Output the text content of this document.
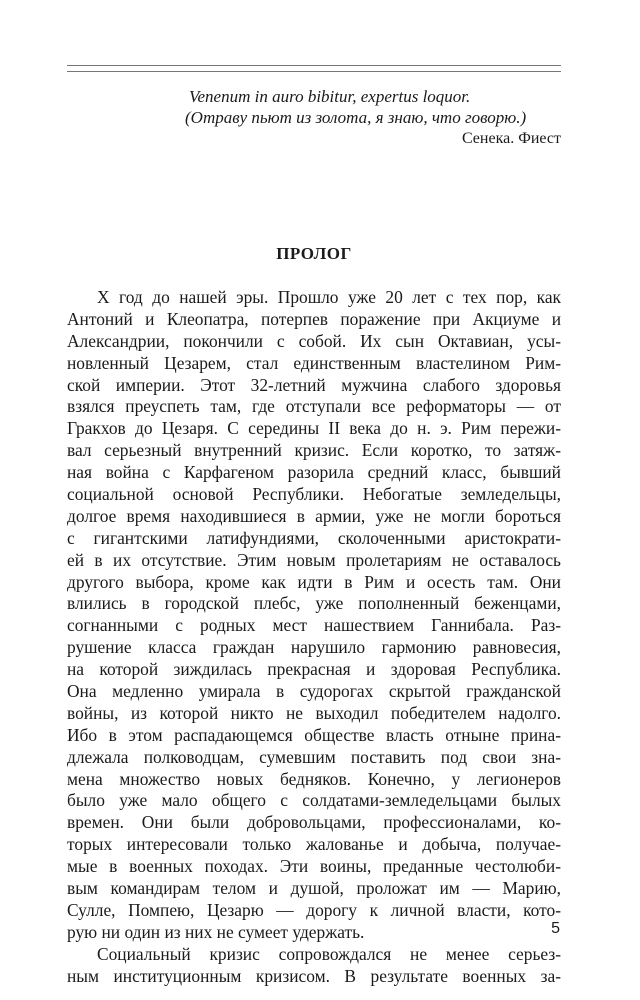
Venenum in auro bibitur, expertus loquor.
(Отраву пьют из золота, я знаю, что говорю.)
Сенека. Фиест
ПРОЛОГ
Х год до нашей эры. Прошло уже 20 лет с тех пор, как
Антоний и Клеопатра, потерпев поражение при Акциуме и
Александрии, покончили с собой. Их сын Октавиан, усы-
новленный Цезарем, стал единственным властелином Рим-
ской империи. Этот 32-летний мужчина слабого здоровья
взялся преуспеть там, где отступали все реформаторы — от
Гракхов до Цезаря. С середины II века до н. э. Рим пережи-
вал серьезный внутренний кризис. Если коротко, то затяж-
ная война с Карфагеном разорила средний класс, бывший
социальной основой Республики. Небогатые земледельцы,
долгое время находившиеся в армии, уже не могли бороться
с гигантскими латифундиями, сколоченными аристократи-
ей в их отсутствие. Этим новым пролетариям не оставалось
другого выбора, кроме как идти в Рим и осесть там. Они
влились в городской плебс, уже пополненный беженцами,
согнанными с родных мест нашествием Ганнибала. Раз-
рушение класса граждан нарушило гармонию равновесия,
на которой зиждилась прекрасная и здоровая Республика.
Она медленно умирала в судорогах скрытой гражданской
войны, из которой никто не выходил победителем надолго.
Ибо в этом распадающемся обществе власть отныне прина-
длежала полководцам, сумевшим поставить под свои зна-
мена множество новых бедняков. Конечно, у легионеров
было уже мало общего с солдатами-земледельцами былых
времен. Они были добровольцами, профессионалами, ко-
торых интересовали только жалованье и добыча, получае-
мые в военных походах. Эти воины, преданные честолюби-
вым командирам телом и душой, проложат им — Марию,
Сулле, Помпею, Цезарю — дорогу к личной власти, кото-
рую ни один из них не сумеет удержать.
Социальный кризис сопровождался не менее серьез-
ным институционным кризисом. В результате военных за-
5
